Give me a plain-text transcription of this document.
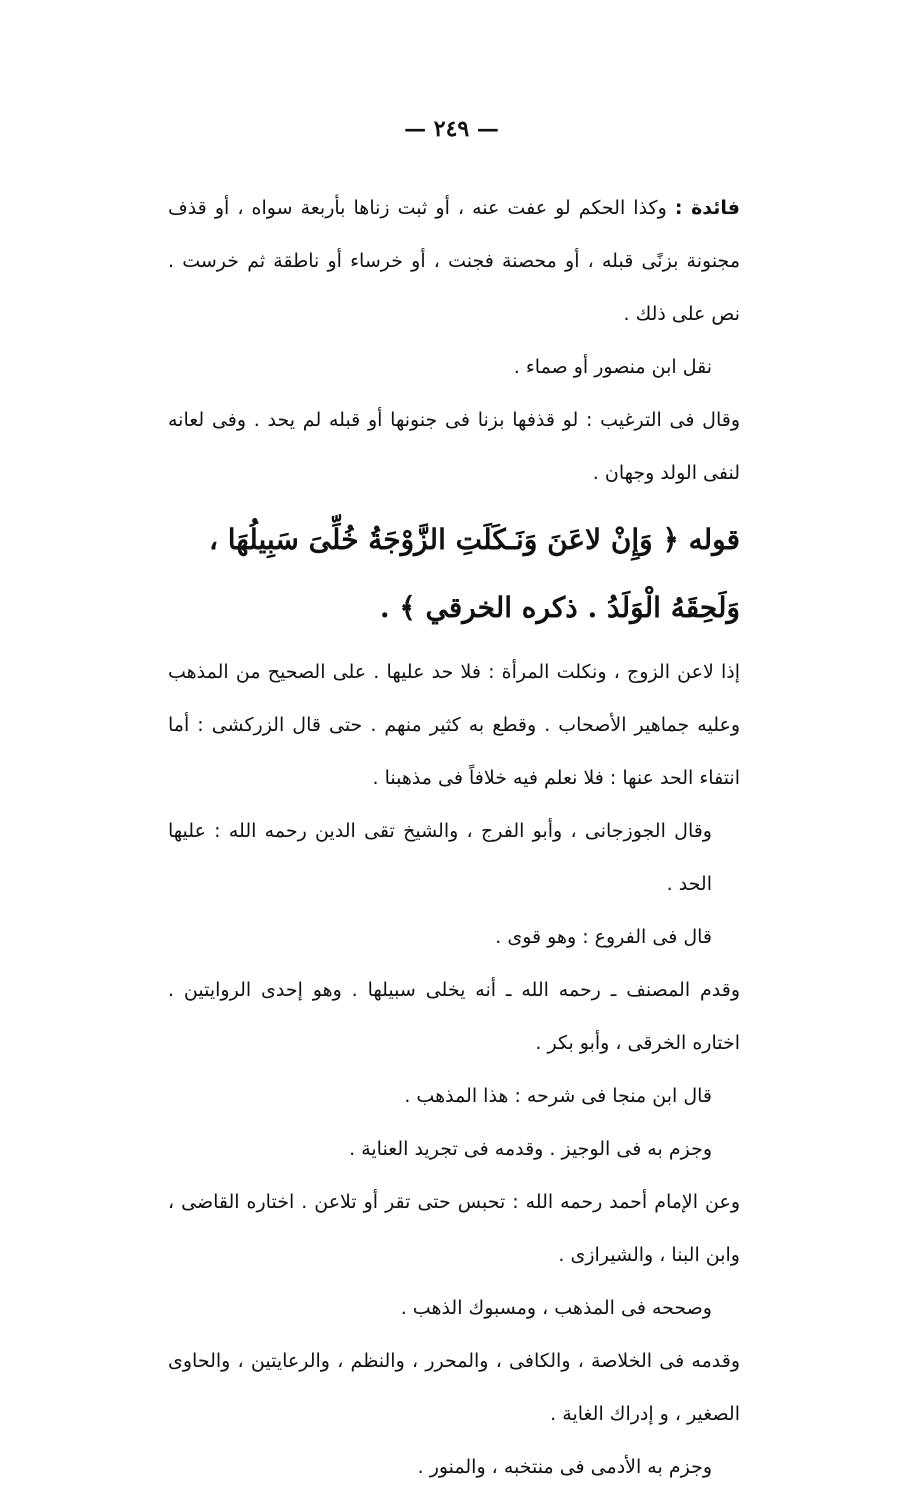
— ٢٤٩ —

فائدة : وكذا الحكم لو عفت عنه ، أو ثبت زناها بأربعة سواه ، أو قذف مجنونة بزنًى قبله ، أو محصنة فجنت ، أو خرساء أو ناطقة ثم خرست . نص على ذلك .

نقل ابن منصور أو صماء .

وقال فى الترغيب : لو قذفها بزنا فى جنونها أو قبله لم يحد . وفى لعانه لنفى الولد وجهان .

قوله ﴿ وَإِنْ لاعَنَ وَنَـكَلَتِ الزَّوْجَةُ خُلِّىَ سَبِيلُهَا ، وَلَحِقَهُ الْوَلَدُ . ذكره الخرقي ﴾ .

إذا لاعن الزوج ، ونكلت المرأة : فلا حد عليها . على الصحيح من المذهب وعليه جماهير الأصحاب . وقطع به كثير منهم . حتى قال الزركشى : أما انتفاء الحد عنها : فلا نعلم فيه خلافاً فى مذهبنا .

وقال الجوزجانى ، وأبو الفرج ، والشيخ تقى الدين رحمه الله : عليها الحد .

قال فى الفروع : وهو قوى .

وقدم المصنف ـ رحمه الله ـ أنه يخلى سبيلها . وهو إحدى الروايتين . اختاره الخرقى ، وأبو بكر .

قال ابن منجا فى شرحه : هذا المذهب .

وجزم به فى الوجيز . وقدمه فى تجريد العناية .

وعن الإمام أحمد رحمه الله : تحبس حتى تقر أو تلاعن . اختاره القاضى ، وابن البنا ، والشيرازى .

وصححه فى المذهب ، ومسبوك الذهب .

وقدمه فى الخلاصة ، والكافى ، والمحرر ، والنظم ، والرعايتين ، والحاوى الصغير ، و إدراك الغاية .

وجزم به الأدمى فى منتخبه ، والمنور .
